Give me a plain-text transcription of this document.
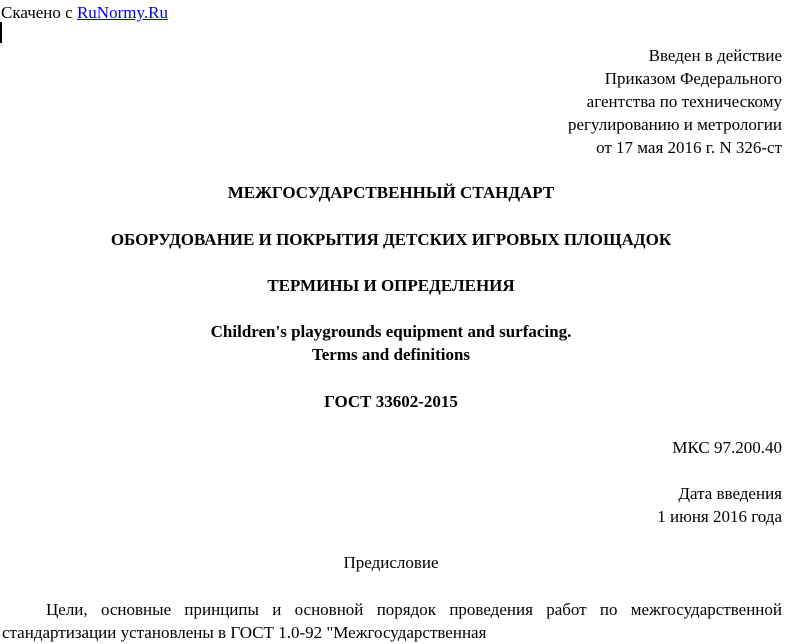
Скачено с RuNormy.Ru
Введен в действие
Приказом Федерального
агентства по техническому
регулированию и метрологии
от 17 мая 2016 г. N 326-ст
МЕЖГОСУДАРСТВЕННЫЙ СТАНДАРТ
ОБОРУДОВАНИЕ И ПОКРЫТИЯ ДЕТСКИХ ИГРОВЫХ ПЛОЩАДОК
ТЕРМИНЫ И ОПРЕДЕЛЕНИЯ
Children's playgrounds equipment and surfacing.
Terms and definitions
ГОСТ 33602-2015
МКС 97.200.40
Дата введения
1 июня 2016 года
Предисловие
Цели, основные принципы и основной порядок проведения работ по межгосударственной стандартизации установлены в ГОСТ 1.0-92 "Межгосударственная
